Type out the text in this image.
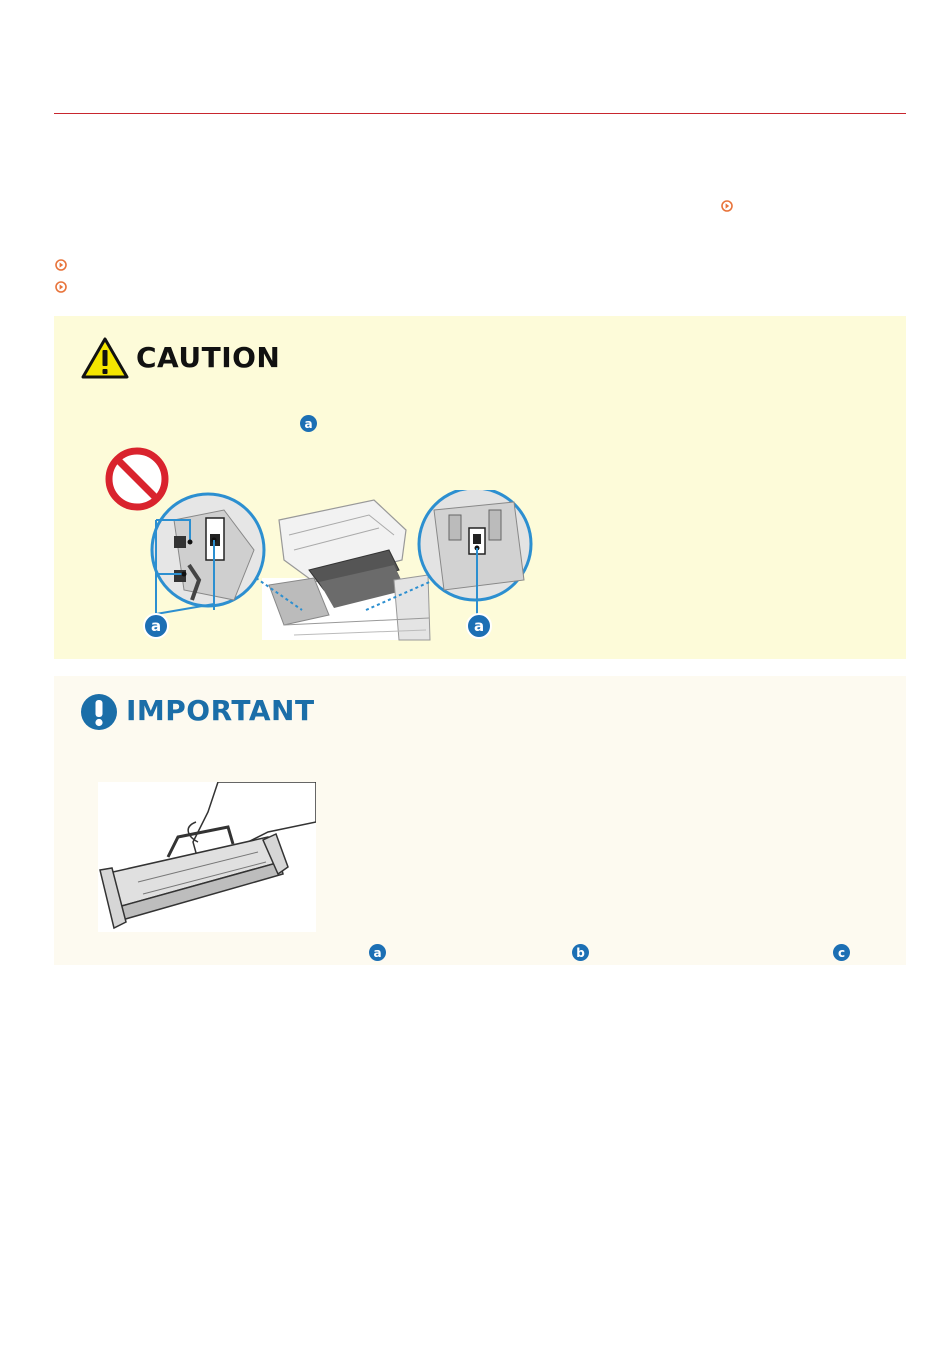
CAUTION
a
a	a
IMPORTANT
a	b	c
